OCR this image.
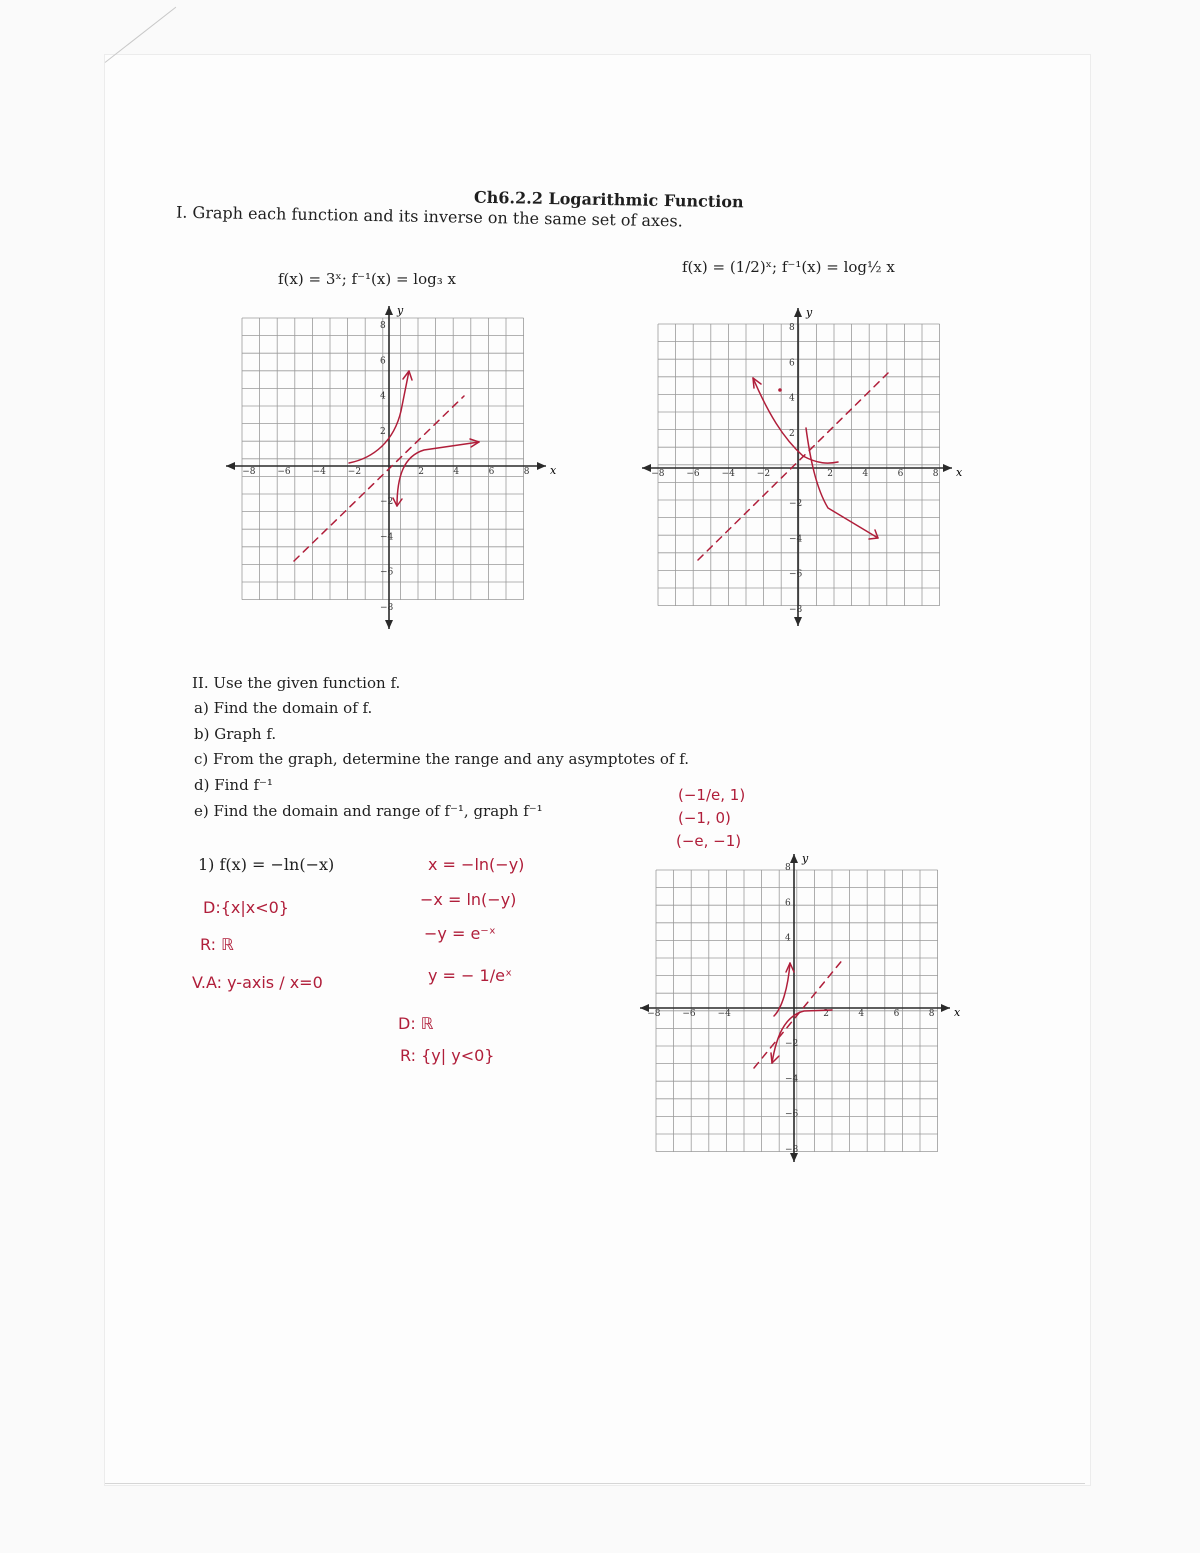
Ch6.2.2 Logarithmic Function
I. Graph each function and its inverse on the same set of axes.
f(x) = 3ˣ; f⁻¹(x) = log₃ x
y
x
−8 −6 −4 −2	2	4	6	8
8
6
4
2
−2
−4
−6
−8
f(x) = (1/2)ˣ; f⁻¹(x) = log½ x
y
x
−8 −6 −4 −2	2	4	6	8
8
6
4
2
−2
−4
−6
−8
II. Use the given function f.
a) Find the domain of f.
b) Graph f.
c) From the graph, determine the range and any asymptotes of f.
d) Find f⁻¹
e) Find the domain and range of f⁻¹, graph f⁻¹
1) f(x) = −ln(−x)
D:{x|x<0}
R: ℝ
V.A: y-axis / x=0
x = −ln(−y)
−x = ln(−y)
−y = e⁻ˣ
y = − 1/eˣ
D: ℝ
R: {y| y<0}
(−1/e, 1)
(−1, 0)
(−e, −1)
y
x
−8 −6 −4	2	4	6	8
8
6
4
−2
−4
−6
−8
